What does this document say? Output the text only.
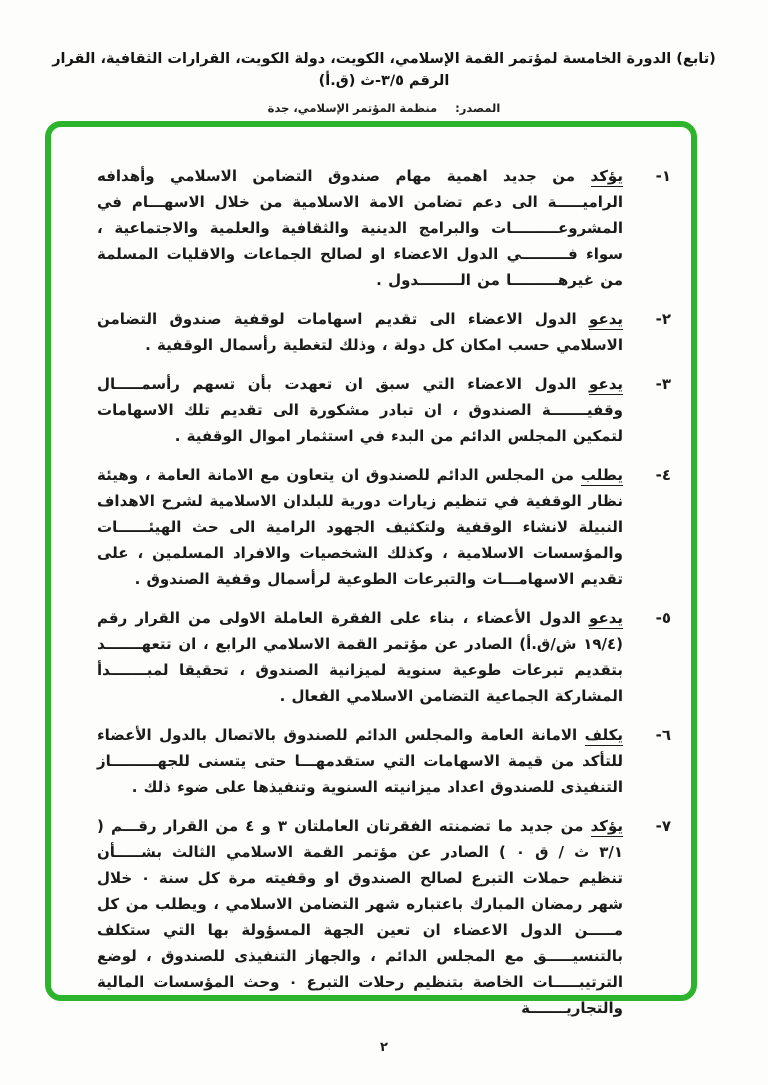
(تابع) الدورة الخامسة لمؤتمر القمة الإسلامي، الكويت، دولة الكويت، القرارات الثقافية، القرار الرقم ٣/٥-ث (ق.أ)
المصدر: منظمة المؤتمر الإسلامي، جدة
١-
يؤكد من جديد اهمية مهام صندوق التضامن الاسلامي وأهدافه الراميـــــة الى دعم تضامن الامة الاسلامية من خلال الاسهـــام في المشروعـــــــــات والبرامج الدينية والثقافية والعلمية والاجتماعية ، سواء فـــــــــي الدول الاعضاء او لصالح الجماعات والاقليات المسلمة من غيرهـــــــــا من الــــــــدول .
٢-
يدعو الدول الاعضاء الى تقديم اسهامات لوقفية صندوق التضامن الاسلامي حسب امكان كل دولة ، وذلك لتغطية رأسمال الوقفية .
٣-
يدعو الدول الاعضاء التي سبق ان تعهدت بأن تسهم رأسمـــــال وقفيـــــــة الصندوق ، ان تبادر مشكورة الى تقديم تلك الاسهامات لتمكين المجلس الدائم من البدء في استثمار اموال الوقفية .
٤-
يطلب من المجلس الدائم للصندوق ان يتعاون مع الامانة العامة ، وهيئة نظار الوقفية في تنظيم زيارات دورية للبلدان الاسلامية لشرح الاهداف النبيلة لانشاء الوقفية ولتكثيف الجهود الرامية الى حث الهيئــــــات والمؤسسات الاسلامية ، وكذلك الشخصيات والافراد المسلمين ، على تقديم الاسهامـــات والتبرعات الطوعية لرأسمال وقفية الصندوق .
٥-
يدعو الدول الأعضاء ، بناء على الفقرة العاملة الاولى من القرار رقم (١٩/٤ ش/ق.أ) الصادر عن مؤتمر القمة الاسلامي الرابع ، ان تتعهـــــــد بتقديم تبرعات طوعية سنوية لميزانية الصندوق ، تحقيقا لمبـــــــدأ المشاركة الجماعية التضامن الاسلامي الفعال .
٦-
يكلف الامانة العامة والمجلس الدائم للصندوق بالاتصال بالدول الأعضاء للتأكد من قيمة الاسهامات التي ستقدمهـــا حتى يتسنى للجهـــــــــاز التنفيذى للصندوق اعداد ميزانيته السنوية وتنفيذها على ضوء ذلك .
٧-
يؤكد من جديد ما تضمنته الفقرتان العاملتان ٣ و ٤ من القرار رقـــم ( ٣/١ ث / ق ٠ ) الصادر عن مؤتمر القمة الاسلامي الثالث بشـــــأن تنظيم حملات التبرع لصالح الصندوق او وقفيته مرة كل سنة ٠ خلال شهر رمضان المبارك باعتباره شهر التضامن الاسلامي ، ويطلب من كل مـــــن الدول الاعضاء ان تعين الجهة المسؤولة بها التي ستكلف بالتنسيـــــق مع المجلس الدائم ، والجهاز التنفيذى للصندوق ، لوضع الترتيبـــــات الخاصة بتنظيم رحلات التبرع ٠ وحث المؤسسات المالية والتجاريـــــــة
٢
